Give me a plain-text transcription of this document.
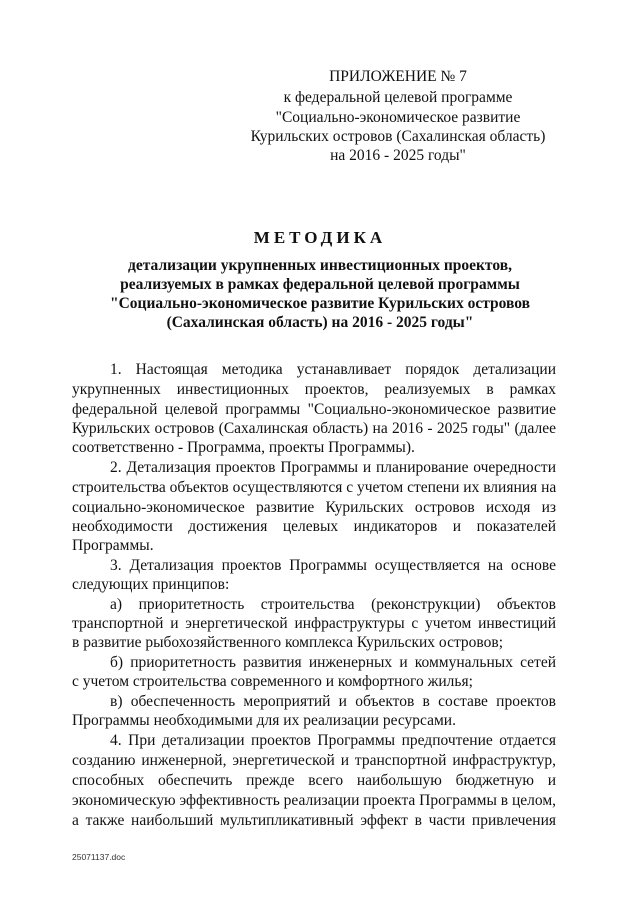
ПРИЛОЖЕНИЕ № 7
к федеральной целевой программе
"Социально-экономическое развитие
Курильских островов (Сахалинская область)
на 2016 - 2025 годы"
МЕТОДИКА
детализации укрупненных инвестиционных проектов,
реализуемых в рамках федеральной целевой программы
"Социально-экономическое развитие Курильских островов
(Сахалинская область) на 2016 - 2025 годы"
1. Настоящая методика устанавливает порядок детализации
укрупненных инвестиционных проектов, реализуемых в рамках
федеральной целевой программы "Социально-экономическое развитие
Курильских островов (Сахалинская область) на 2016 - 2025 годы" (далее
соответственно - Программа, проекты Программы).
2. Детализация проектов Программы и планирование очередности
строительства объектов осуществляются с учетом степени их влияния на
социально-экономическое развитие Курильских островов исходя из
необходимости достижения целевых индикаторов и показателей
Программы.
3. Детализация проектов Программы осуществляется на основе
следующих принципов:
а) приоритетность строительства (реконструкции) объектов
транспортной и энергетической инфраструктуры с учетом инвестиций
в развитие рыбохозяйственного комплекса Курильских островов;
б) приоритетность развития инженерных и коммунальных сетей
с учетом строительства современного и комфортного жилья;
в) обеспеченность мероприятий и объектов в составе проектов
Программы необходимыми для их реализации ресурсами.
4. При детализации проектов Программы предпочтение отдается
созданию инженерной, энергетической и транспортной инфраструктур,
способных обеспечить прежде всего наибольшую бюджетную и
экономическую эффективность реализации проекта Программы в целом,
а также наибольший мультипликативный эффект в части привлечения
25071137.doc
